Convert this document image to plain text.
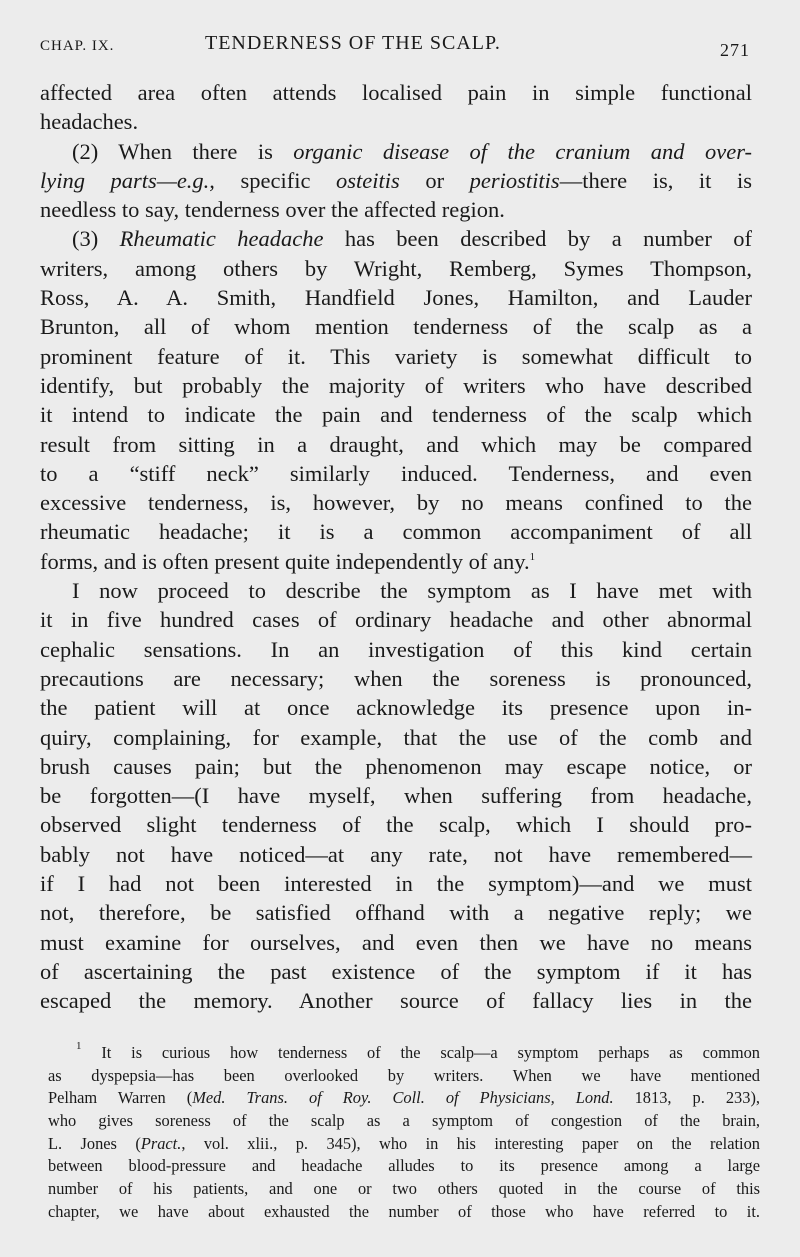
CHAP. IX.	TENDERNESS OF THE SCALP.	271
affected area often attends localised pain in simple functional
headaches.
(2) When there is organic disease of the cranium and over-
lying parts—e.g., specific osteitis or periostitis—there is, it is
needless to say, tenderness over the affected region.
(3) Rheumatic headache has been described by a number of
writers, among others by Wright, Remberg, Symes Thompson,
Ross, A. A. Smith, Handfield Jones, Hamilton, and Lauder
Brunton, all of whom mention tenderness of the scalp as a
prominent feature of it. This variety is somewhat difficult to
identify, but probably the majority of writers who have described
it intend to indicate the pain and tenderness of the scalp which
result from sitting in a draught, and which may be compared
to a “stiff neck” similarly induced. Tenderness, and even
excessive tenderness, is, however, by no means confined to the
rheumatic headache; it is a common accompaniment of all
forms, and is often present quite independently of any.$^1$
I now proceed to describe the symptom as I have met with
it in five hundred cases of ordinary headache and other abnormal
cephalic sensations. In an investigation of this kind certain
precautions are necessary; when the soreness is pronounced,
the patient will at once acknowledge its presence upon in-
quiry, complaining, for example, that the use of the comb and
brush causes pain; but the phenomenon may escape notice, or
be forgotten—(I have myself, when suffering from headache,
observed slight tenderness of the scalp, which I should pro-
bably not have noticed—at any rate, not have remembered—
if I had not been interested in the symptom)—and we must
not, therefore, be satisfied offhand with a negative reply; we
must examine for ourselves, and even then we have no means
of ascertaining the past existence of the symptom if it has
escaped the memory. Another source of fallacy lies in the
$^1$ It is curious how tenderness of the scalp—a symptom perhaps as common
as dyspepsia—has been overlooked by writers. When we have mentioned
Pelham Warren (Med. Trans. of Roy. Coll. of Physicians, Lond. 1813, p. 233),
who gives soreness of the scalp as a symptom of congestion of the brain,
L. Jones (Pract., vol. xlii., p. 345), who in his interesting paper on the relation
between blood-pressure and headache alludes to its presence among a large
number of his patients, and one or two others quoted in the course of this
chapter, we have about exhausted the number of those who have referred to it.
